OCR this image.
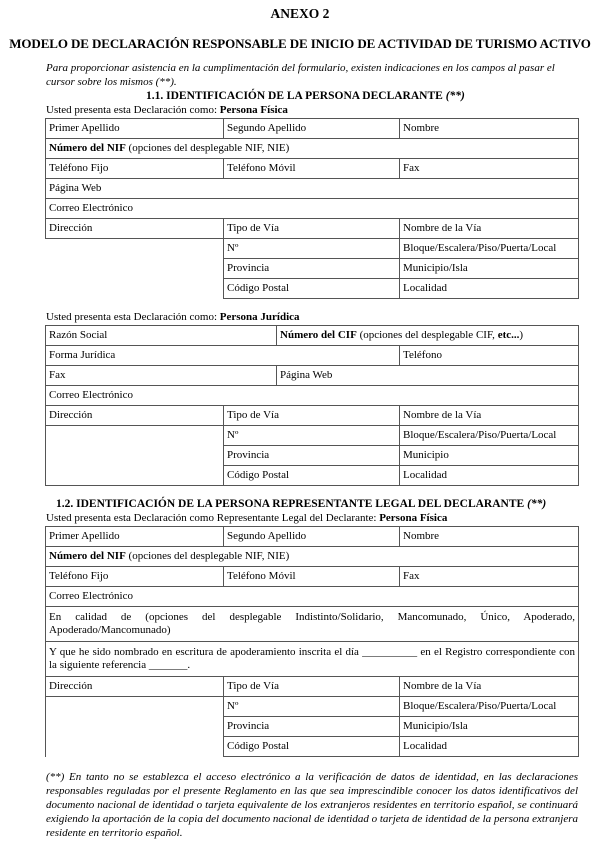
ANEXO 2
MODELO DE DECLARACIÓN RESPONSABLE DE INICIO DE ACTIVIDAD DE TURISMO ACTIVO
Para proporcionar asistencia en la cumplimentación del formulario, existen indicaciones en los campos al pasar el cursor sobre los mismos (**).
1.1. IDENTIFICACIÓN DE LA PERSONA DECLARANTE (**)
Usted presenta esta Declaración como: Persona Física
Primer Apellido	Segundo Apellido	Nombre
Número del NIF (opciones del desplegable NIF, NIE)		
Teléfono Fijo	Teléfono Móvil	Fax
Página Web		
Correo Electrónico		
Dirección	Tipo de Vía	Nombre de la Vía
	Nº	Bloque/Escalera/Piso/Puerta/Local
	Provincia	Municipio/Isla
	Código Postal	Localidad
Usted presenta esta Declaración como: Persona Jurídica
Razón Social		Número del CIF (opciones del desplegable CIF, etc...)	
Forma Jurídica			Teléfono
Fax		Página Web	
Correo Electrónico			
Dirección	Tipo de Vía		Nombre de la Vía
	Nº		Bloque/Escalera/Piso/Puerta/Local
	Provincia		Municipio
	Código Postal		Localidad
1.2. IDENTIFICACIÓN DE LA PERSONA REPRESENTANTE LEGAL DEL DECLARANTE (**)
Usted presenta esta Declaración como Representante Legal del Declarante: Persona Física
Primer Apellido	Segundo Apellido	Nombre
Número del NIF (opciones del desplegable NIF, NIE)		
Teléfono Fijo	Teléfono Móvil	Fax
Correo Electrónico		
En calidad de (opciones del desplegable Indistinto/Solidario, Mancomunado, Único, Apoderado, Apoderado/Mancomunado)		
Y que he sido nombrado en escritura de apoderamiento inscrita el día __________ en el Registro correspondiente con la siguiente referencia _______.		
Dirección	Tipo de Vía	Nombre de la Vía
	Nº	Bloque/Escalera/Piso/Puerta/Local
	Provincia	Municipio/Isla
	Código Postal	Localidad
(**) En tanto no se establezca el acceso electrónico a la verificación de datos de identidad, en las declaraciones responsables reguladas por el presente Reglamento en las que sea imprescindible conocer los datos identificativos del documento nacional de identidad o tarjeta equivalente de los extranjeros residentes en territorio español, se continuará exigiendo la aportación de la copia del documento nacional de identidad o tarjeta de identidad de la persona extranjera residente en territorio español.
